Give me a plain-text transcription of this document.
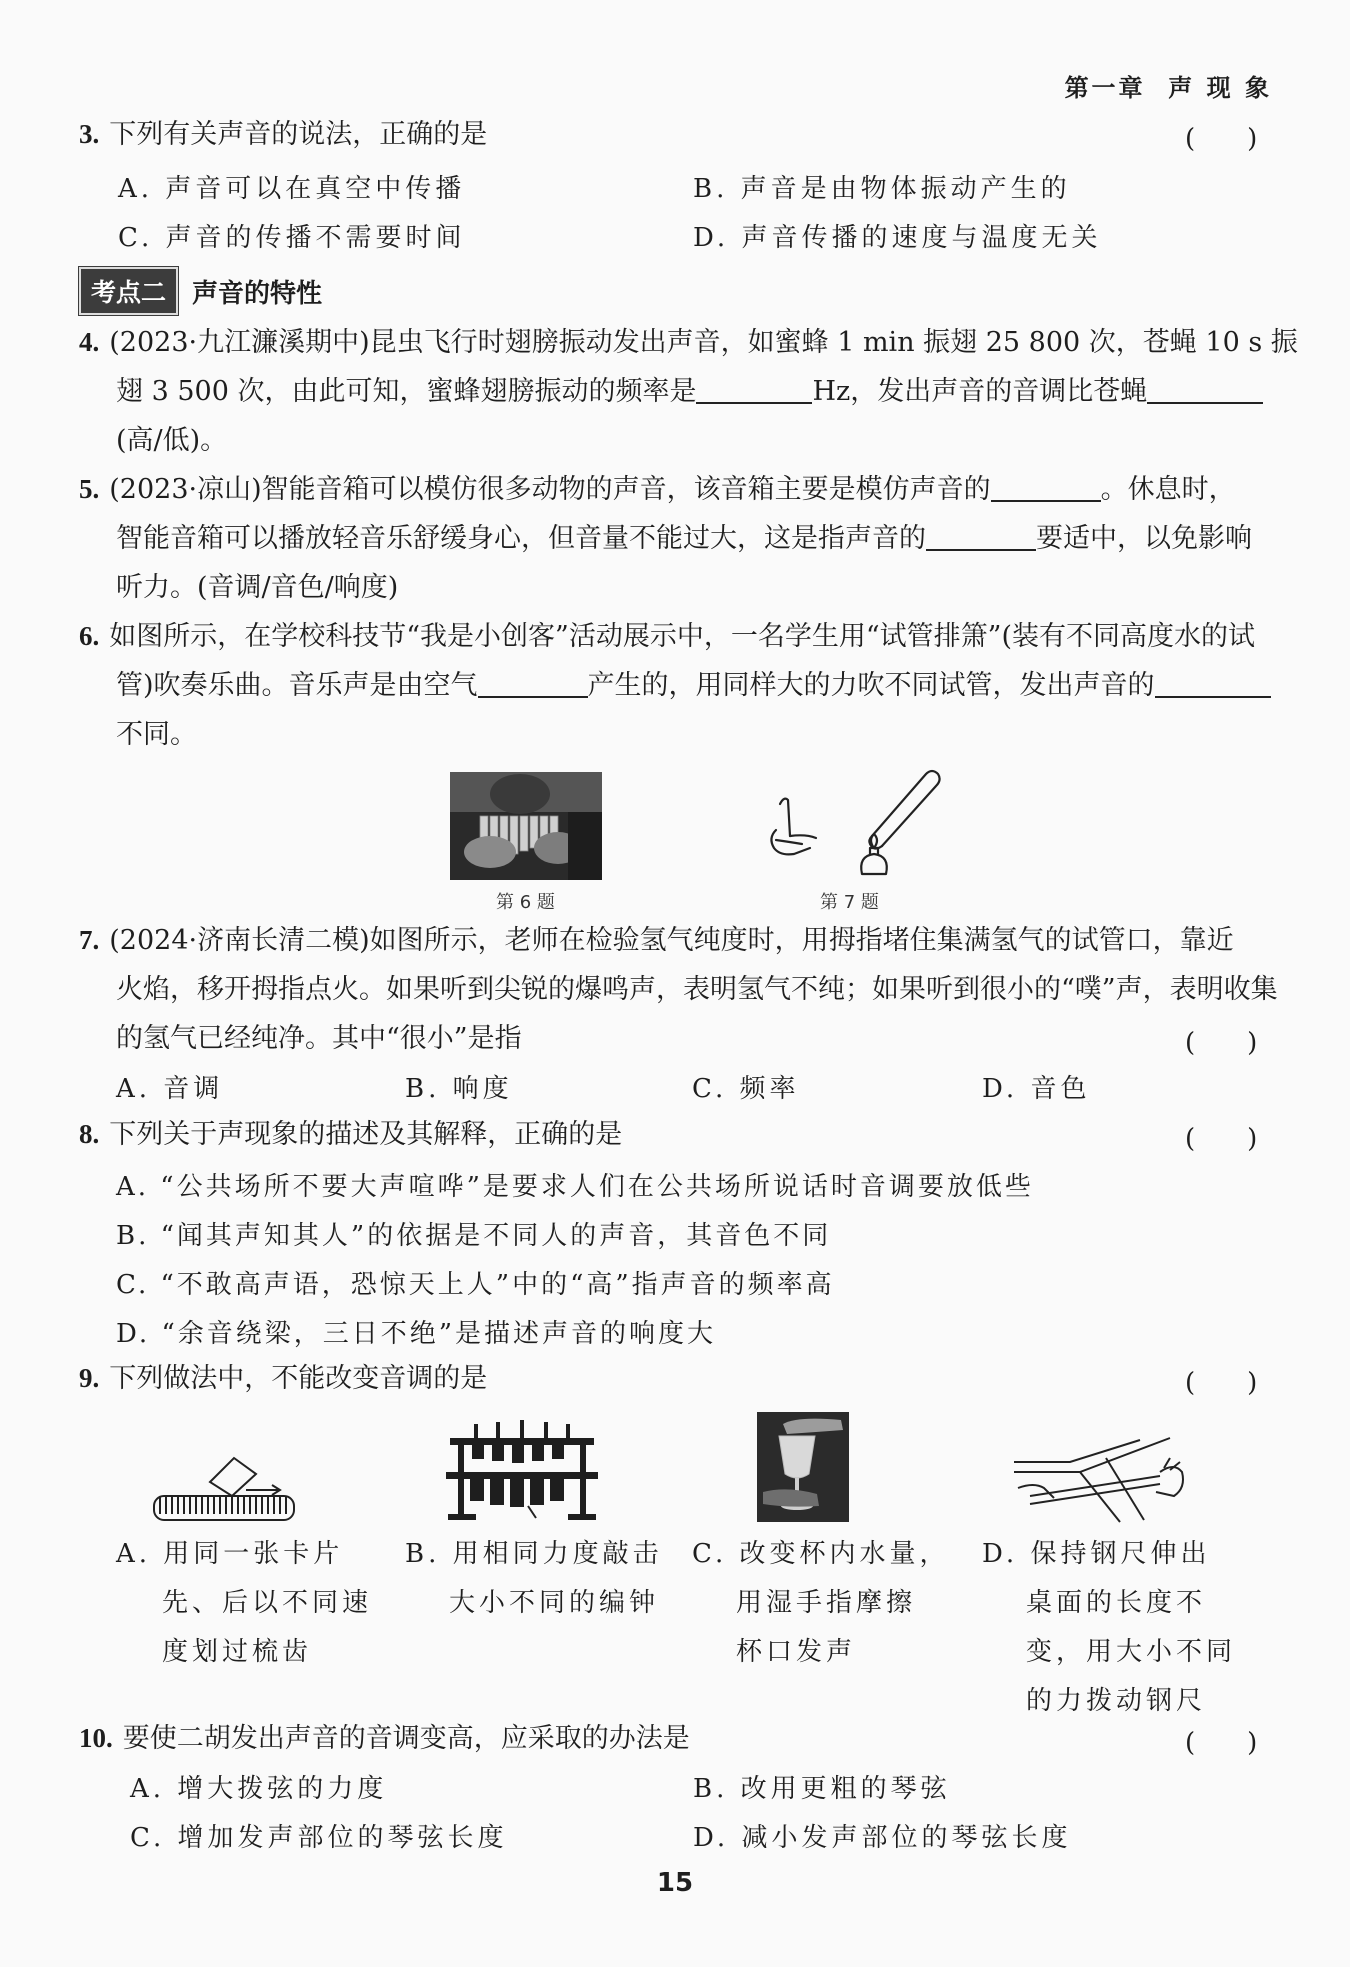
第一章 声 现 象
3. 下列有关声音的说法，正确的是	(　　)
A. 声音可以在真空中传播	B. 声音是由物体振动产生的
C. 声音的传播不需要时间	D. 声音传播的速度与温度无关
考点二	声音的特性
4. (2023·九江濂溪期中)昆虫飞行时翅膀振动发出声音，如蜜蜂 1 min 振翅 25 800 次，苍蝇 10 s 振
翅 3 500 次，由此可知，蜜蜂翅膀振动的频率是	Hz，发出声音的音调比苍蝇
(高/低)。
5. (2023·凉山)智能音箱可以模仿很多动物的声音，该音箱主要是模仿声音的	。休息时，
智能音箱可以播放轻音乐舒缓身心，但音量不能过大，这是指声音的	要适中，以免影响
听力。(音调/音色/响度)
6. 如图所示，在学校科技节“我是小创客”活动展示中，一名学生用“试管排箫”(装有不同高度水的试
管)吹奏乐曲。音乐声是由空气	产生的，用同样大的力吹不同试管，发出声音的
不同。
第 6 题	第 7 题
7. (2024·济南长清二模)如图所示，老师在检验氢气纯度时，用拇指堵住集满氢气的试管口，靠近
火焰，移开拇指点火。如果听到尖锐的爆鸣声，表明氢气不纯；如果听到很小的“噗”声，表明收集
的氢气已经纯净。其中“很小”是指	(　　)
A. 音调	B. 响度	C. 频率	D. 音色
8. 下列关于声现象的描述及其解释，正确的是	(　　)
A. “公共场所不要大声喧哗”是要求人们在公共场所说话时音调要放低些
B. “闻其声知其人”的依据是不同人的声音，其音色不同
C. “不敢高声语，恐惊天上人”中的“高”指声音的频率高
D. “余音绕梁，三日不绝”是描述声音的响度大
9. 下列做法中，不能改变音调的是	(　　)
A. 用同一张卡片
先、后以不同速
度划过梳齿
B. 用相同力度敲击
大小不同的编钟
C. 改变杯内水量，
用湿手指摩擦
杯口发声
D. 保持钢尺伸出
桌面的长度不
变，用大小不同
的力拨动钢尺
10. 要使二胡发出声音的音调变高，应采取的办法是	(　　)
A. 增大拨弦的力度	B. 改用更粗的琴弦
C. 增加发声部位的琴弦长度	D. 减小发声部位的琴弦长度
15
